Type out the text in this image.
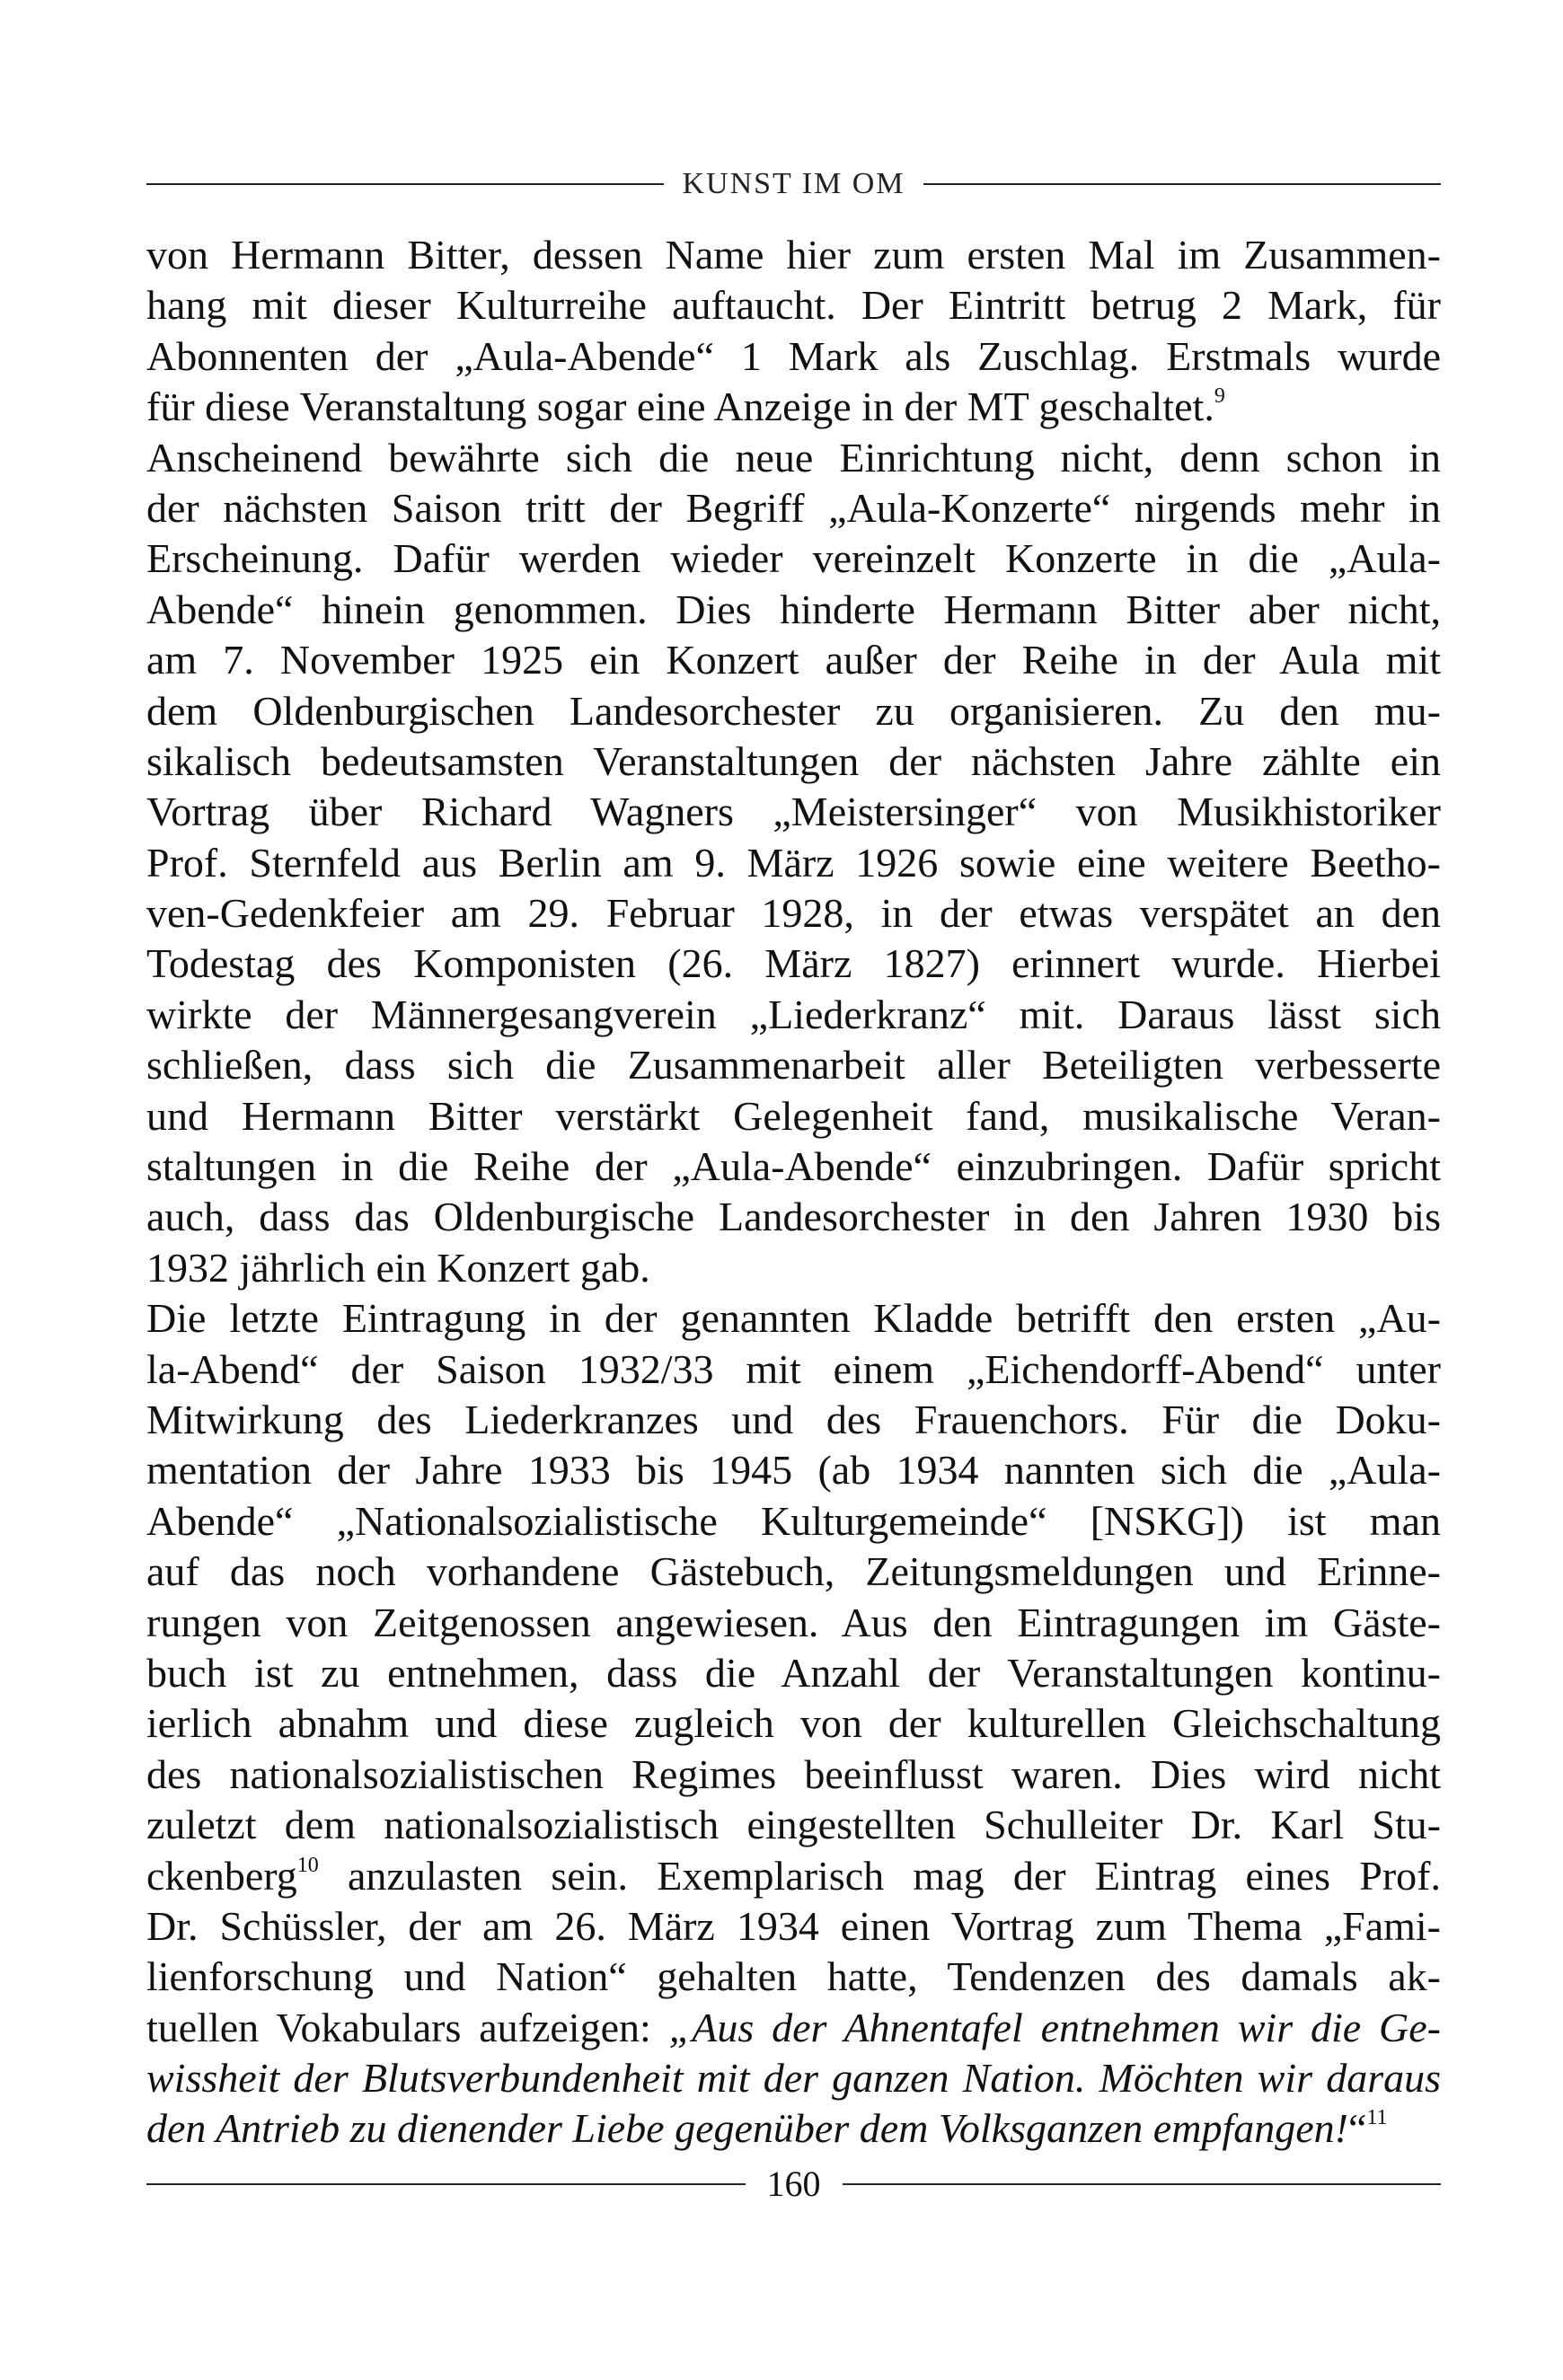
KUNST IM OM
von Hermann Bitter, dessen Name hier zum ersten Mal im Zusammen-
hang mit dieser Kulturreihe auftaucht. Der Eintritt betrug 2 Mark, für
Abonnenten der „Aula-Abende“ 1 Mark als Zuschlag. Erstmals wurde
für diese Veranstaltung sogar eine Anzeige in der MT geschaltet.$^9$
Anscheinend bewährte sich die neue Einrichtung nicht, denn schon in
der nächsten Saison tritt der Begriff „Aula-Konzerte“ nirgends mehr in
Erscheinung. Dafür werden wieder vereinzelt Konzerte in die „Aula-
Abende“ hinein genommen. Dies hinderte Hermann Bitter aber nicht,
am 7. November 1925 ein Konzert außer der Reihe in der Aula mit
dem Oldenburgischen Landesorchester zu organisieren. Zu den mu-
sikalisch bedeutsamsten Veranstaltungen der nächsten Jahre zählte ein
Vortrag über Richard Wagners „Meistersinger“ von Musikhistoriker
Prof. Sternfeld aus Berlin am 9. März 1926 sowie eine weitere Beetho-
ven-Gedenkfeier am 29. Februar 1928, in der etwas verspätet an den
Todestag des Komponisten (26. März 1827) erinnert wurde. Hierbei
wirkte der Männergesangverein „Liederkranz“ mit. Daraus lässt sich
schließen, dass sich die Zusammenarbeit aller Beteiligten verbesserte
und Hermann Bitter verstärkt Gelegenheit fand, musikalische Veran-
staltungen in die Reihe der „Aula-Abende“ einzubringen. Dafür spricht
auch, dass das Oldenburgische Landesorchester in den Jahren 1930 bis
1932 jährlich ein Konzert gab.
Die letzte Eintragung in der genannten Kladde betrifft den ersten „Au-
la-Abend“ der Saison 1932/33 mit einem „Eichendorff-Abend“ unter
Mitwirkung des Liederkranzes und des Frauenchors. Für die Doku-
mentation der Jahre 1933 bis 1945 (ab 1934 nannten sich die „Aula-
Abende“ „Nationalsozialistische Kulturgemeinde“ [NSKG]) ist man
auf das noch vorhandene Gästebuch, Zeitungsmeldungen und Erinne-
rungen von Zeitgenossen angewiesen. Aus den Eintragungen im Gäste-
buch ist zu entnehmen, dass die Anzahl der Veranstaltungen kontinu-
ierlich abnahm und diese zugleich von der kulturellen Gleichschaltung
des nationalsozialistischen Regimes beeinflusst waren. Dies wird nicht
zuletzt dem nationalsozialistisch eingestellten Schulleiter Dr. Karl Stu-
ckenberg$^{10}$ anzulasten sein. Exemplarisch mag der Eintrag eines Prof.
Dr. Schüssler, der am 26. März 1934 einen Vortrag zum Thema „Fami-
lienforschung und Nation“ gehalten hatte, Tendenzen des damals ak-
tuellen Vokabulars aufzeigen: „Aus der Ahnentafel entnehmen wir die Ge-
wissheit der Blutsverbundenheit mit der ganzen Nation. Möchten wir daraus
den Antrieb zu dienender Liebe gegenüber dem Volksganzen empfangen!“$^{11}$
160
